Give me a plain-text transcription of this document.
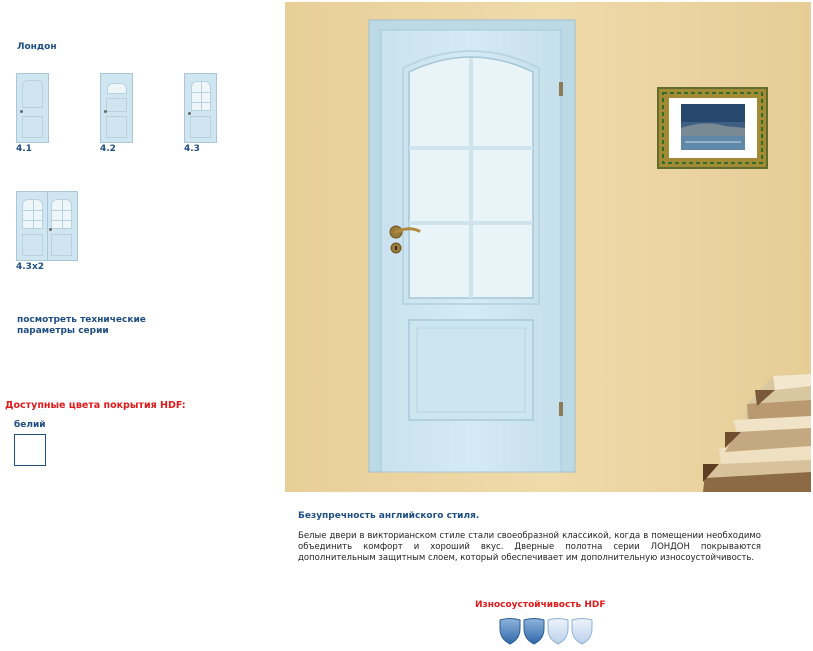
Лондон
4.1	4.2	4.3
4.3x2
посмотреть технические параметры серии
Доступные цвета покрытия HDF:
белий
Безупречность английского стиля.
Белые двери в викторианском стиле стали своеобразной классикой, когда в помещении необходимо объединить комфорт и хороший вкус. Дверные полотна серии ЛОНДОН покрываются дополнительным защитным слоем, который обеспечивает им дополнительную износоустойчивость.
Износоустойчивость HDF
